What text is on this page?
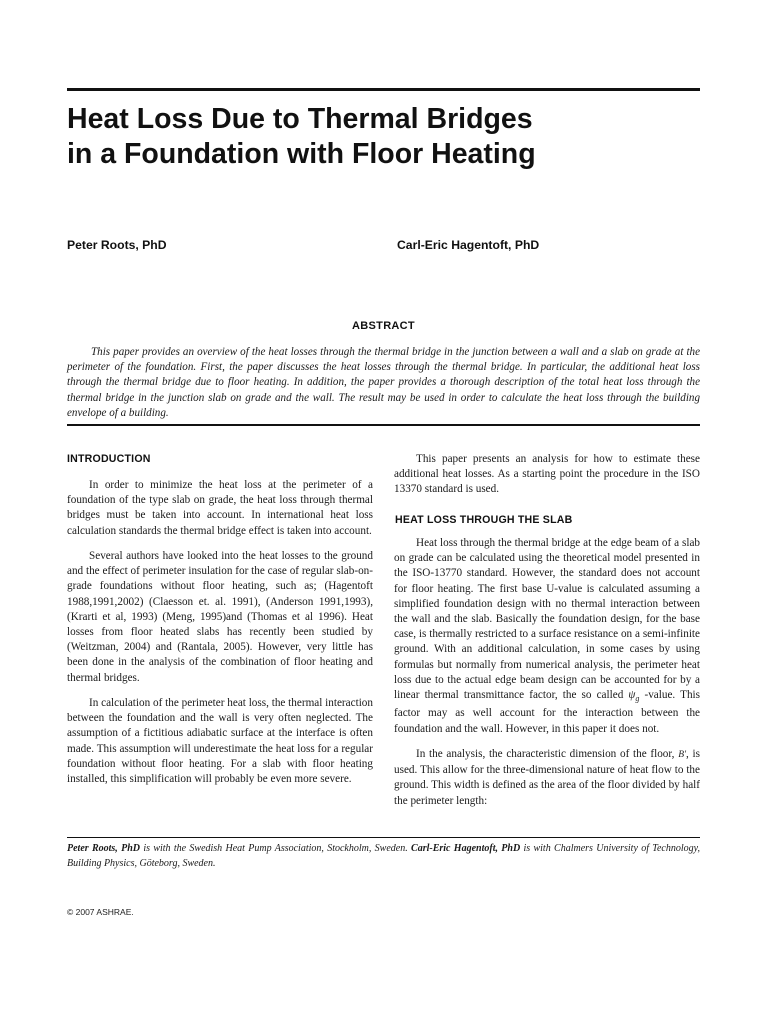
Heat Loss Due to Thermal Bridges
in a Foundation with Floor Heating
Peter Roots, PhD	Carl-Eric Hagentoft, PhD
ABSTRACT

This paper provides an overview of the heat losses through the thermal bridge in the junction between a wall and a slab on grade at the perimeter of the foundation. First, the paper discusses the heat losses through the thermal bridge. In particular, the additional heat loss through the thermal bridge due to floor heating. In addition, the paper provides a thorough description of the total heat loss through the thermal bridge in the junction slab on grade and the wall. The result may be used in order to calculate the heat loss through the building envelope of a building.

INTRODUCTION

In order to minimize the heat loss at the perimeter of a foundation of the type slab on grade, the heat loss through thermal bridges must be taken into account. In international heat loss calculation standards the thermal bridge effect is taken into account.

Several authors have looked into the heat losses to the ground and the effect of perimeter insulation for the case of regular slab-on-grade foundations without floor heating, such as; (Hagentoft 1988,1991,2002) (Claesson et. al. 1991), (Anderson 1991,1993), (Krarti et al, 1993) (Meng, 1995)and (Thomas et al 1996). Heat losses from floor heated slabs has recently been studied by (Weitzman, 2004) and (Rantala, 2005). However, very little has been done in the analysis of the combination of floor heating and thermal bridges.

In calculation of the perimeter heat loss, the thermal interaction between the foundation and the wall is very often neglected. The assumption of a fictitious adiabatic surface at the interface is often made. This assumption will underestimate the heat loss for a regular foundation without floor heating. For a slab with floor heating installed, this simplification will probably be even more severe.

This paper presents an analysis for how to estimate these additional heat losses. As a starting point the procedure in the ISO 13370 standard is used.

HEAT LOSS THROUGH THE SLAB

Heat loss through the thermal bridge at the edge beam of a slab on grade can be calculated using the theoretical model presented in the ISO-13770 standard. However, the standard does not account for floor heating. The first base U-value is calculated assuming a simplified foundation design with no thermal interaction between the wall and the slab. Basically the foundation design, for the base case, is thermally restricted to a surface resistance on a semi-infinite ground. With an additional calculation, in some cases by using formulas but normally from numerical analysis, the perimeter heat loss due to the actual edge beam design can be accounted for by a linear thermal transmittance factor, the so called $\psi_g$ -value. This factor may as well account for the interaction between the foundation and the wall. However, in this paper it does not.

In the analysis, the characteristic dimension of the floor, B', is used. This allow for the three-dimensional nature of heat flow to the ground. This width is defined as the area of the floor divided by half the perimeter length:

Peter Roots, PhD is with the Swedish Heat Pump Association, Stockholm, Sweden. Carl-Eric Hagentoft, PhD is with Chalmers University of Technology, Building Physics, Göteborg, Sweden.

© 2007 ASHRAE.
